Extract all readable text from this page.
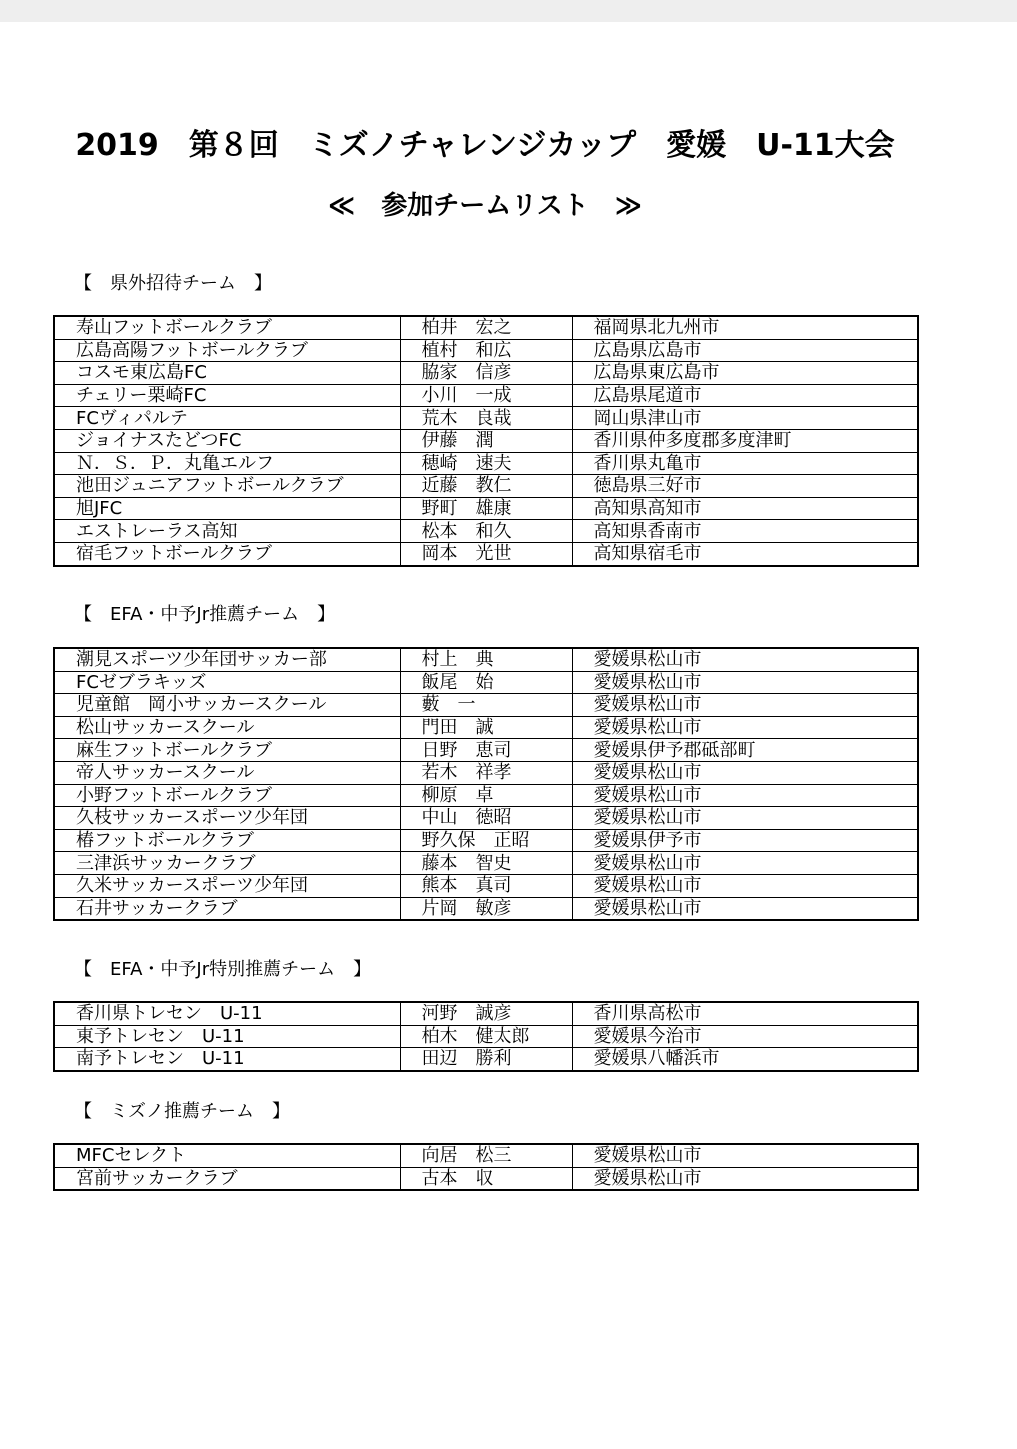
2019　第８回　ミズノチャレンジカップ　愛媛　U-11大会
≪　参加チームリスト　≫
【　県外招待チーム　】
寿山フットボールクラブ	柏井　宏之	福岡県北九州市
広島高陽フットボールクラブ	植村　和広	広島県広島市
コスモ東広島FC	脇家　信彦	広島県東広島市
チェリー栗崎FC	小川　一成	広島県尾道市
FCヴィパルテ	荒木　良哉	岡山県津山市
ジョイナスたどつFC	伊藤　潤	香川県仲多度郡多度津町
Ｎ．Ｓ．Ｐ．丸亀エルフ	穂崎　速夫	香川県丸亀市
池田ジュニアフットボールクラブ	近藤　教仁	徳島県三好市
旭JFC	野町　雄康	高知県高知市
エストレーラス高知	松本　和久	高知県香南市
宿毛フットボールクラブ	岡本　光世	高知県宿毛市
【　EFA・中予Jr推薦チーム　】
潮見スポーツ少年団サッカー部	村上　典	愛媛県松山市
FCゼブラキッズ	飯尾　始	愛媛県松山市
児童館　岡小サッカースクール	藪　一	愛媛県松山市
松山サッカースクール	門田　誠	愛媛県松山市
麻生フットボールクラブ	日野　恵司	愛媛県伊予郡砥部町
帝人サッカースクール	若木　祥孝	愛媛県松山市
小野フットボールクラブ	柳原　卓	愛媛県松山市
久枝サッカースポーツ少年団	中山　徳昭	愛媛県松山市
椿フットボールクラブ	野久保　正昭	愛媛県伊予市
三津浜サッカークラブ	藤本　智史	愛媛県松山市
久米サッカースポーツ少年団	熊本　真司	愛媛県松山市
石井サッカークラブ	片岡　敏彦	愛媛県松山市
【　EFA・中予Jr特別推薦チーム　】
香川県トレセン　U-11	河野　誠彦	香川県高松市
東予トレセン　U-11	柏木　健太郎	愛媛県今治市
南予トレセン　U-11	田辺　勝利	愛媛県八幡浜市
【　ミズノ推薦チーム　】
MFCセレクト	向居　松三	愛媛県松山市
宮前サッカークラブ	古本　収	愛媛県松山市
